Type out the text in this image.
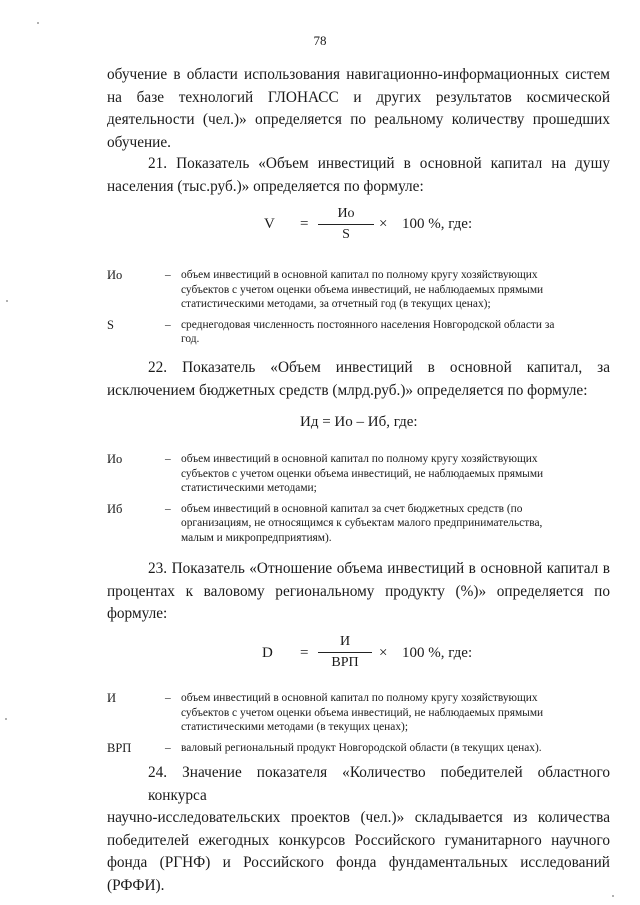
78
обучение в области использования навигационно-информационных систем
на базе технологий ГЛОНАСС и других результатов космической
деятельности (чел.)» определяется по реальному количеству прошедших
обучение.
21. Показатель «Объем инвестиций в основной капитал на душу
населения (тыс.руб.)» определяется по формуле:
V =
Ио
S
× 100 %, где:
Ио	– объем инвестиций в основной капитал по полному кругу хозяйствующих
субъектов с учетом оценки объема инвестиций, не наблюдаемых прямыми
статистическими методами, за отчетный год (в текущих ценах);
S	– среднегодовая численность постоянного населения Новгородской области за
год.
22. Показатель «Объем инвестиций в основной капитал, за
исключением бюджетных средств (млрд.руб.)» определяется по формуле:
Ид = Ио – Иб, где:
Ио	– объем инвестиций в основной капитал по полному кругу хозяйствующих
субъектов с учетом оценки объема инвестиций, не наблюдаемых прямыми
статистическими методами;
Иб	– объем инвестиций в основной капитал за счет бюджетных средств (по
организациям, не относящимся к субъектам малого предпринимательства,
малым и микропредприятиям).
23. Показатель «Отношение объема инвестиций в основной капитал в
процентах к валовому региональному продукту (%)» определяется по
формуле:
D =
И
ВРП
× 100 %, где:
И	– объем инвестиций в основной капитал по полному кругу хозяйствующих
субъектов с учетом оценки объема инвестиций, не наблюдаемых прямыми
статистическими методами (в текущих ценах);
ВРП	– валовый региональный продукт Новгородской области (в текущих ценах).
24. Значение показателя «Количество победителей областного конкурса
научно-исследовательских проектов (чел.)» складывается из количества
победителей ежегодных конкурсов Российского гуманитарного научного
фонда (РГНФ) и Российского фонда фундаментальных исследований (РФФИ).
